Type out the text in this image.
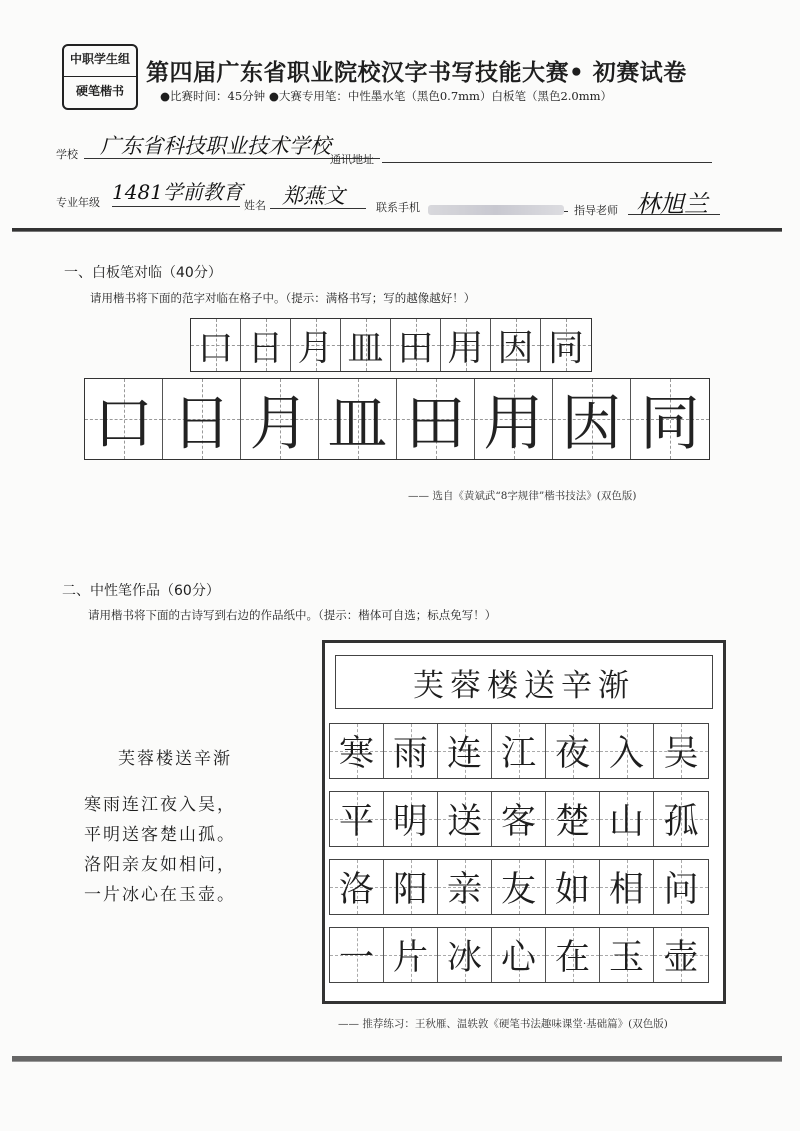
中职学生组
硬笔楷书
第四届广东省职业院校汉字书写技能大赛• 初赛试卷
●比赛时间：45分钟 ●大赛专用笔：中性墨水笔（黑色0.7mm）白板笔（黑色2.0mm）
学校 广东省科技职业技术学校
通讯地址
专业年级 1481学前教育
姓名 郑燕文	联系手机	指导老师 林旭兰
一、白板笔对临（40分）
请用楷书将下面的范字对临在格子中。（提示：满格书写；写的越像越好！）
口 日 月 皿 田 用 因 同
口 日 月 皿 田 用 因 同
—— 选自《黄斌武“8字规律”楷书技法》(双色版)
二、中性笔作品（60分）
请用楷书将下面的古诗写到右边的作品纸中。（提示：楷体可自选；标点免写！）
芙蓉楼送辛渐
寒雨连江夜入吴，
平明送客楚山孤。
洛阳亲友如相问，
一片冰心在玉壶。
芙蓉楼送辛渐
寒 雨 连 江 夜 入 吴
平 明 送 客 楚 山 孤
洛 阳 亲 友 如 相 问
一 片 冰 心 在 玉 壶
—— 推荐练习：王秋雁、温轶敦《硬笔书法趣味课堂·基础篇》(双色版)
